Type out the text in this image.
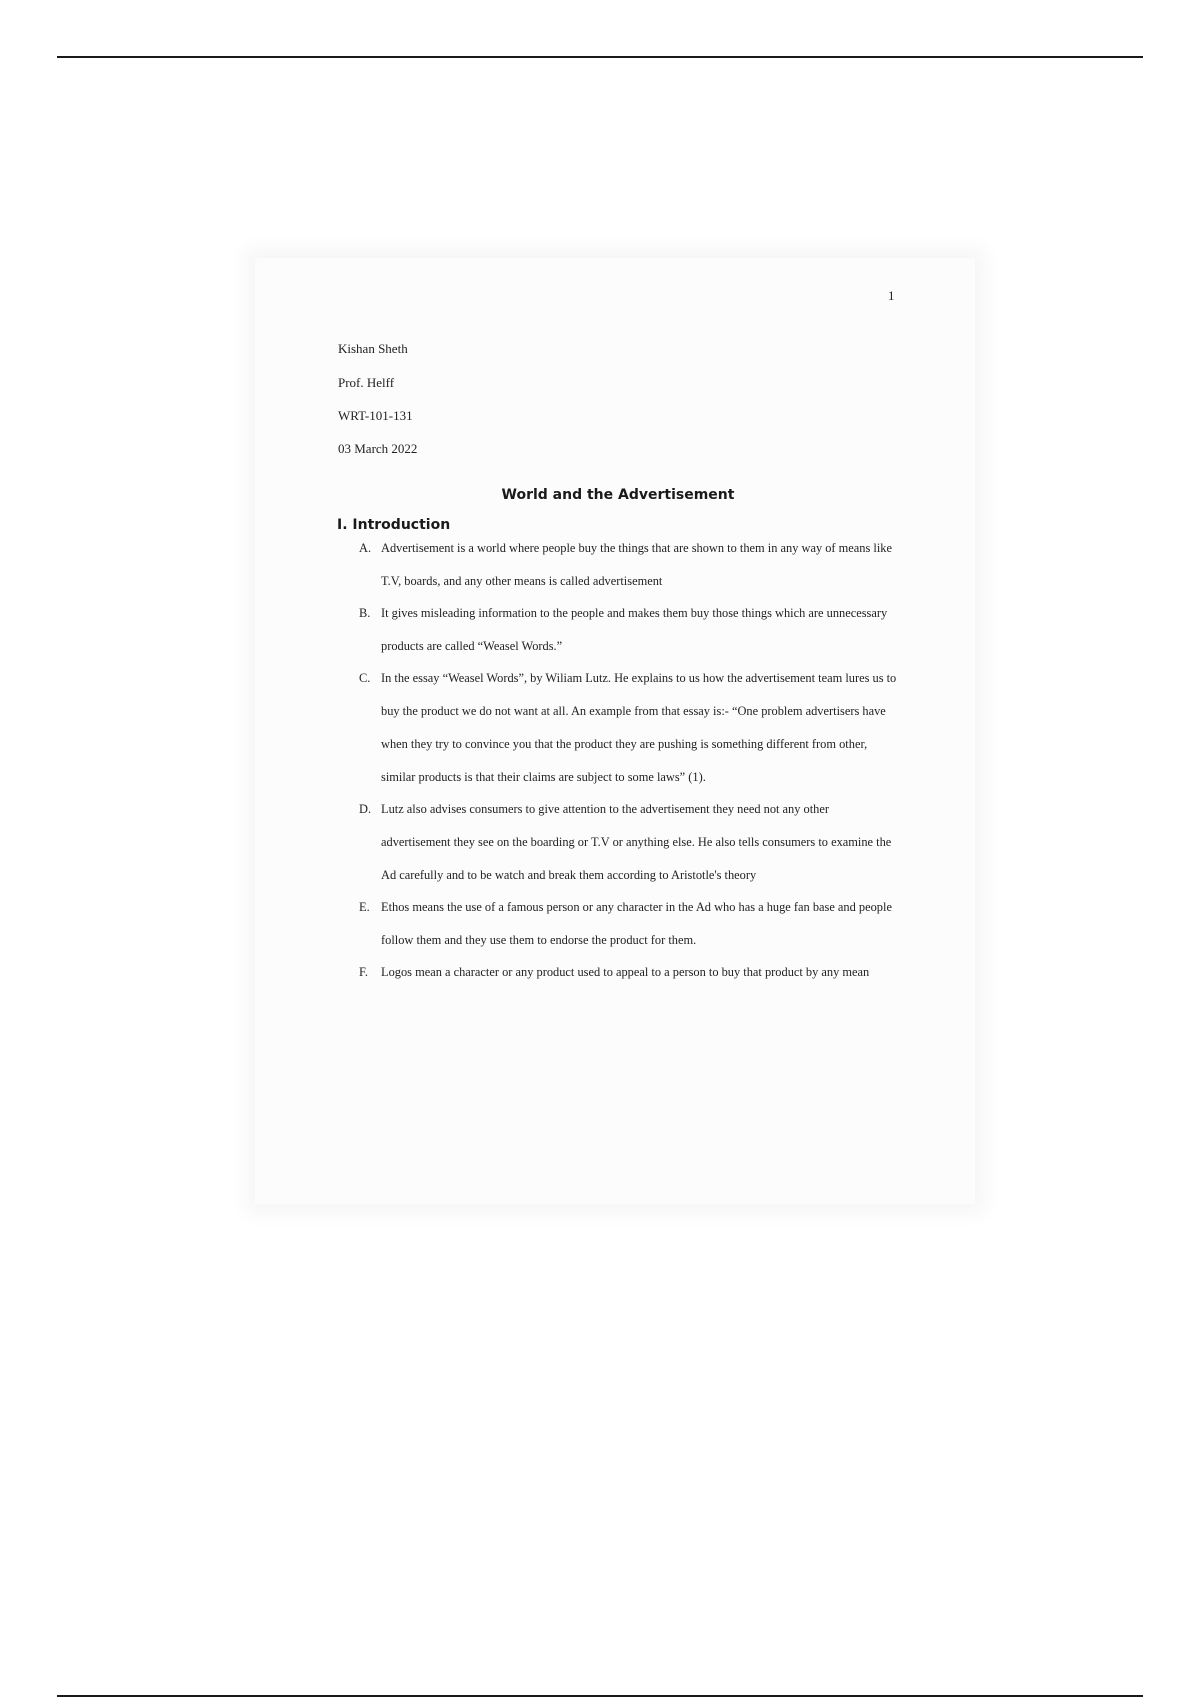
1
Kishan Sheth
Prof. Helff
WRT-101-131
03 March 2022
World and the Advertisement
I. Introduction
A. Advertisement is a world where people buy the things that are shown to them in any way of means like T.V, boards, and any other means is called advertisement
B. It gives misleading information to the people and makes them buy those things which are unnecessary products are called “Weasel Words.”
C. In the essay “Weasel Words”, by Wiliam Lutz. He explains to us how the advertisement team lures us to buy the product we do not want at all. An example from that essay is:- “One problem advertisers have when they try to convince you that the product they are pushing is something different from other, similar products is that their claims are subject to some laws” (1).
D. Lutz also advises consumers to give attention to the advertisement they need not any other advertisement they see on the boarding or T.V or anything else. He also tells consumers to examine the Ad carefully and to be watch and break them according to Aristotle's theory
E. Ethos means the use of a famous person or any character in the Ad who has a huge fan base and people follow them and they use them to endorse the product for them.
F. Logos mean a character or any product used to appeal to a person to buy that product by any mean
